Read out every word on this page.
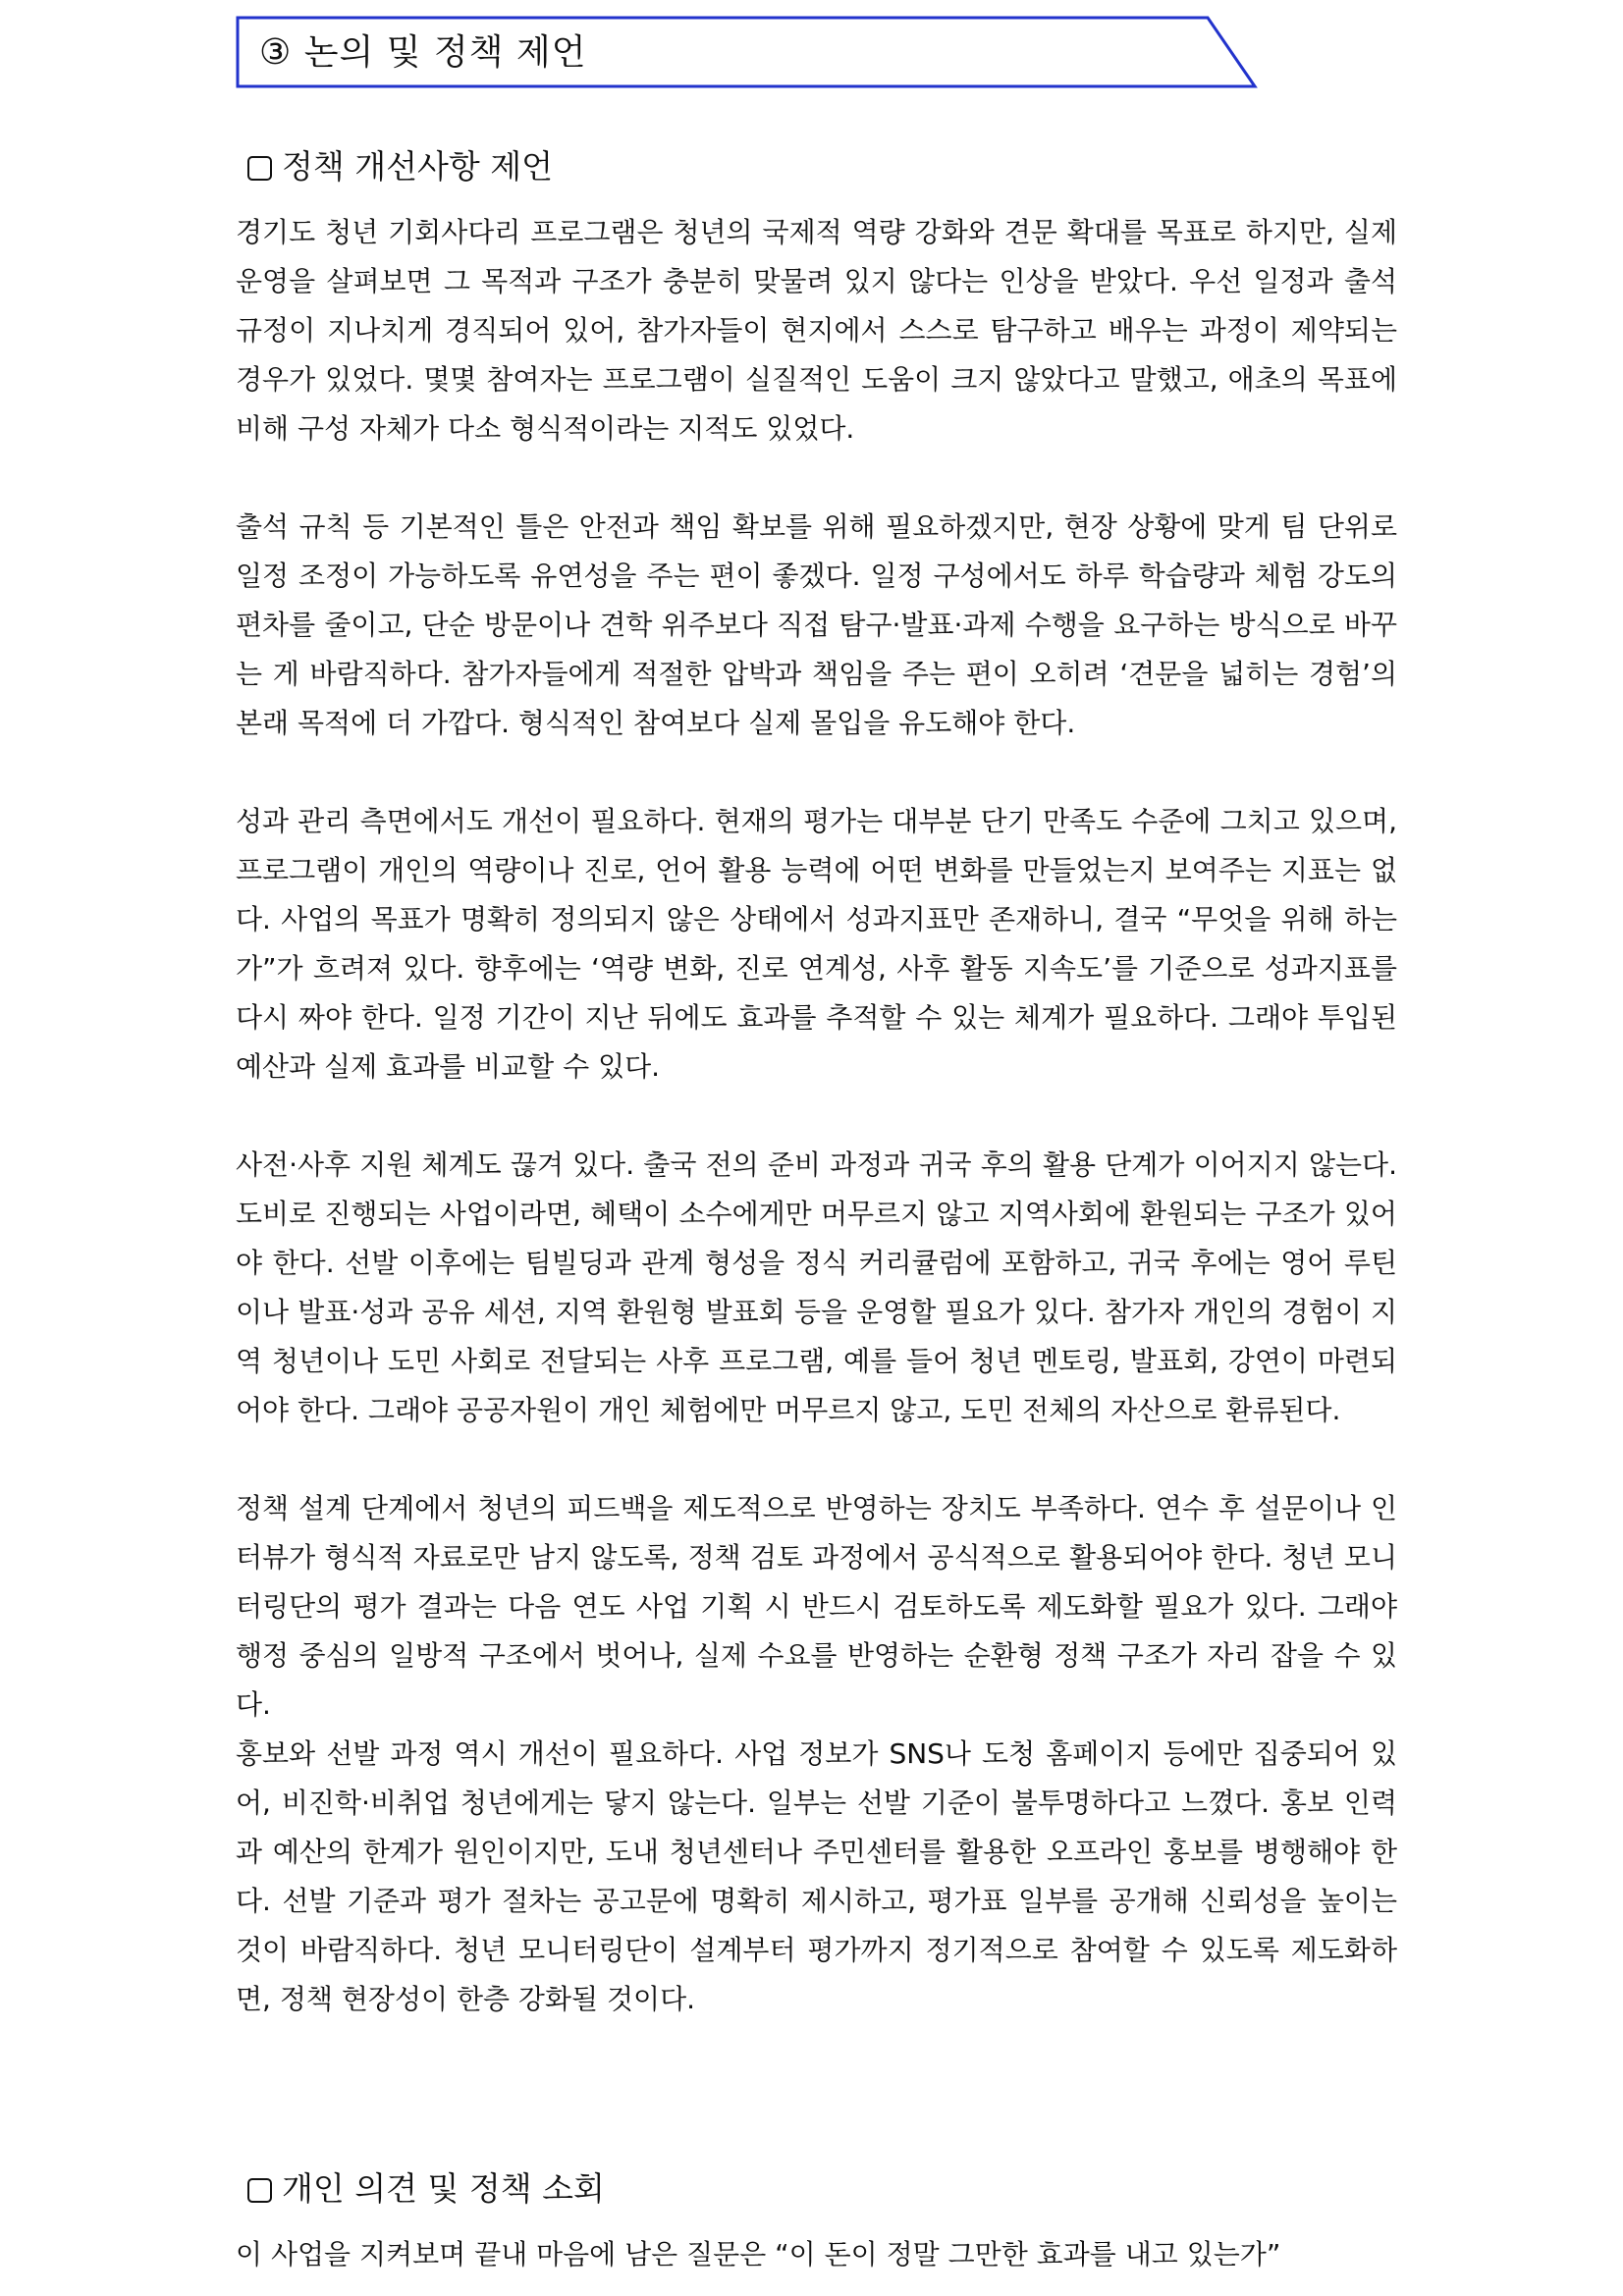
③ 논의 및 정책 제언
정책 개선사항 제언

경기도 청년 기회사다리 프로그램은 청년의 국제적 역량 강화와 견문 확대를 목표로 하지만, 실제 운영을 살펴보면 그 목적과 구조가 충분히 맞물려 있지 않다는 인상을 받았다. 우선 일정과 출석 규정이 지나치게 경직되어 있어, 참가자들이 현지에서 스스로 탐구하고 배우는 과정이 제약되는 경우가 있었다. 몇몇 참여자는 프로그램이 실질적인 도움이 크지 않았다고 말했고, 애초의 목표에 비해 구성 자체가 다소 형식적이라는 지적도 있었다.

출석 규칙 등 기본적인 틀은 안전과 책임 확보를 위해 필요하겠지만, 현장 상황에 맞게 팀 단위로 일정 조정이 가능하도록 유연성을 주는 편이 좋겠다. 일정 구성에서도 하루 학습량과 체험 강도의 편차를 줄이고, 단순 방문이나 견학 위주보다 직접 탐구·발표·과제 수행을 요구하는 방식으로 바꾸는 게 바람직하다. 참가자들에게 적절한 압박과 책임을 주는 편이 오히려 ‘견문을 넓히는 경험’의 본래 목적에 더 가깝다. 형식적인 참여보다 실제 몰입을 유도해야 한다.

성과 관리 측면에서도 개선이 필요하다. 현재의 평가는 대부분 단기 만족도 수준에 그치고 있으며, 프로그램이 개인의 역량이나 진로, 언어 활용 능력에 어떤 변화를 만들었는지 보여주는 지표는 없다. 사업의 목표가 명확히 정의되지 않은 상태에서 성과지표만 존재하니, 결국 “무엇을 위해 하는가”가 흐려져 있다. 향후에는 ‘역량 변화, 진로 연계성, 사후 활동 지속도’를 기준으로 성과지표를 다시 짜야 한다. 일정 기간이 지난 뒤에도 효과를 추적할 수 있는 체계가 필요하다. 그래야 투입된 예산과 실제 효과를 비교할 수 있다.

사전·사후 지원 체계도 끊겨 있다. 출국 전의 준비 과정과 귀국 후의 활용 단계가 이어지지 않는다. 도비로 진행되는 사업이라면, 혜택이 소수에게만 머무르지 않고 지역사회에 환원되는 구조가 있어야 한다. 선발 이후에는 팀빌딩과 관계 형성을 정식 커리큘럼에 포함하고, 귀국 후에는 영어 루틴이나 발표·성과 공유 세션, 지역 환원형 발표회 등을 운영할 필요가 있다. 참가자 개인의 경험이 지역 청년이나 도민 사회로 전달되는 사후 프로그램, 예를 들어 청년 멘토링, 발표회, 강연이 마련되어야 한다. 그래야 공공자원이 개인 체험에만 머무르지 않고, 도민 전체의 자산으로 환류된다.

정책 설계 단계에서 청년의 피드백을 제도적으로 반영하는 장치도 부족하다. 연수 후 설문이나 인터뷰가 형식적 자료로만 남지 않도록, 정책 검토 과정에서 공식적으로 활용되어야 한다. 청년 모니터링단의 평가 결과는 다음 연도 사업 기획 시 반드시 검토하도록 제도화할 필요가 있다. 그래야 행정 중심의 일방적 구조에서 벗어나, 실제 수요를 반영하는 순환형 정책 구조가 자리 잡을 수 있다.

홍보와 선발 과정 역시 개선이 필요하다. 사업 정보가 SNS나 도청 홈페이지 등에만 집중되어 있어, 비진학·비취업 청년에게는 닿지 않는다. 일부는 선발 기준이 불투명하다고 느꼈다. 홍보 인력과 예산의 한계가 원인이지만, 도내 청년센터나 주민센터를 활용한 오프라인 홍보를 병행해야 한다. 선발 기준과 평가 절차는 공고문에 명확히 제시하고, 평가표 일부를 공개해 신뢰성을 높이는 것이 바람직하다. 청년 모니터링단이 설계부터 평가까지 정기적으로 참여할 수 있도록 제도화하면, 정책 현장성이 한층 강화될 것이다.

개인 의견 및 정책 소회

이 사업을 지켜보며 끝내 마음에 남은 질문은 “이 돈이 정말 그만한 효과를 내고 있는가”
